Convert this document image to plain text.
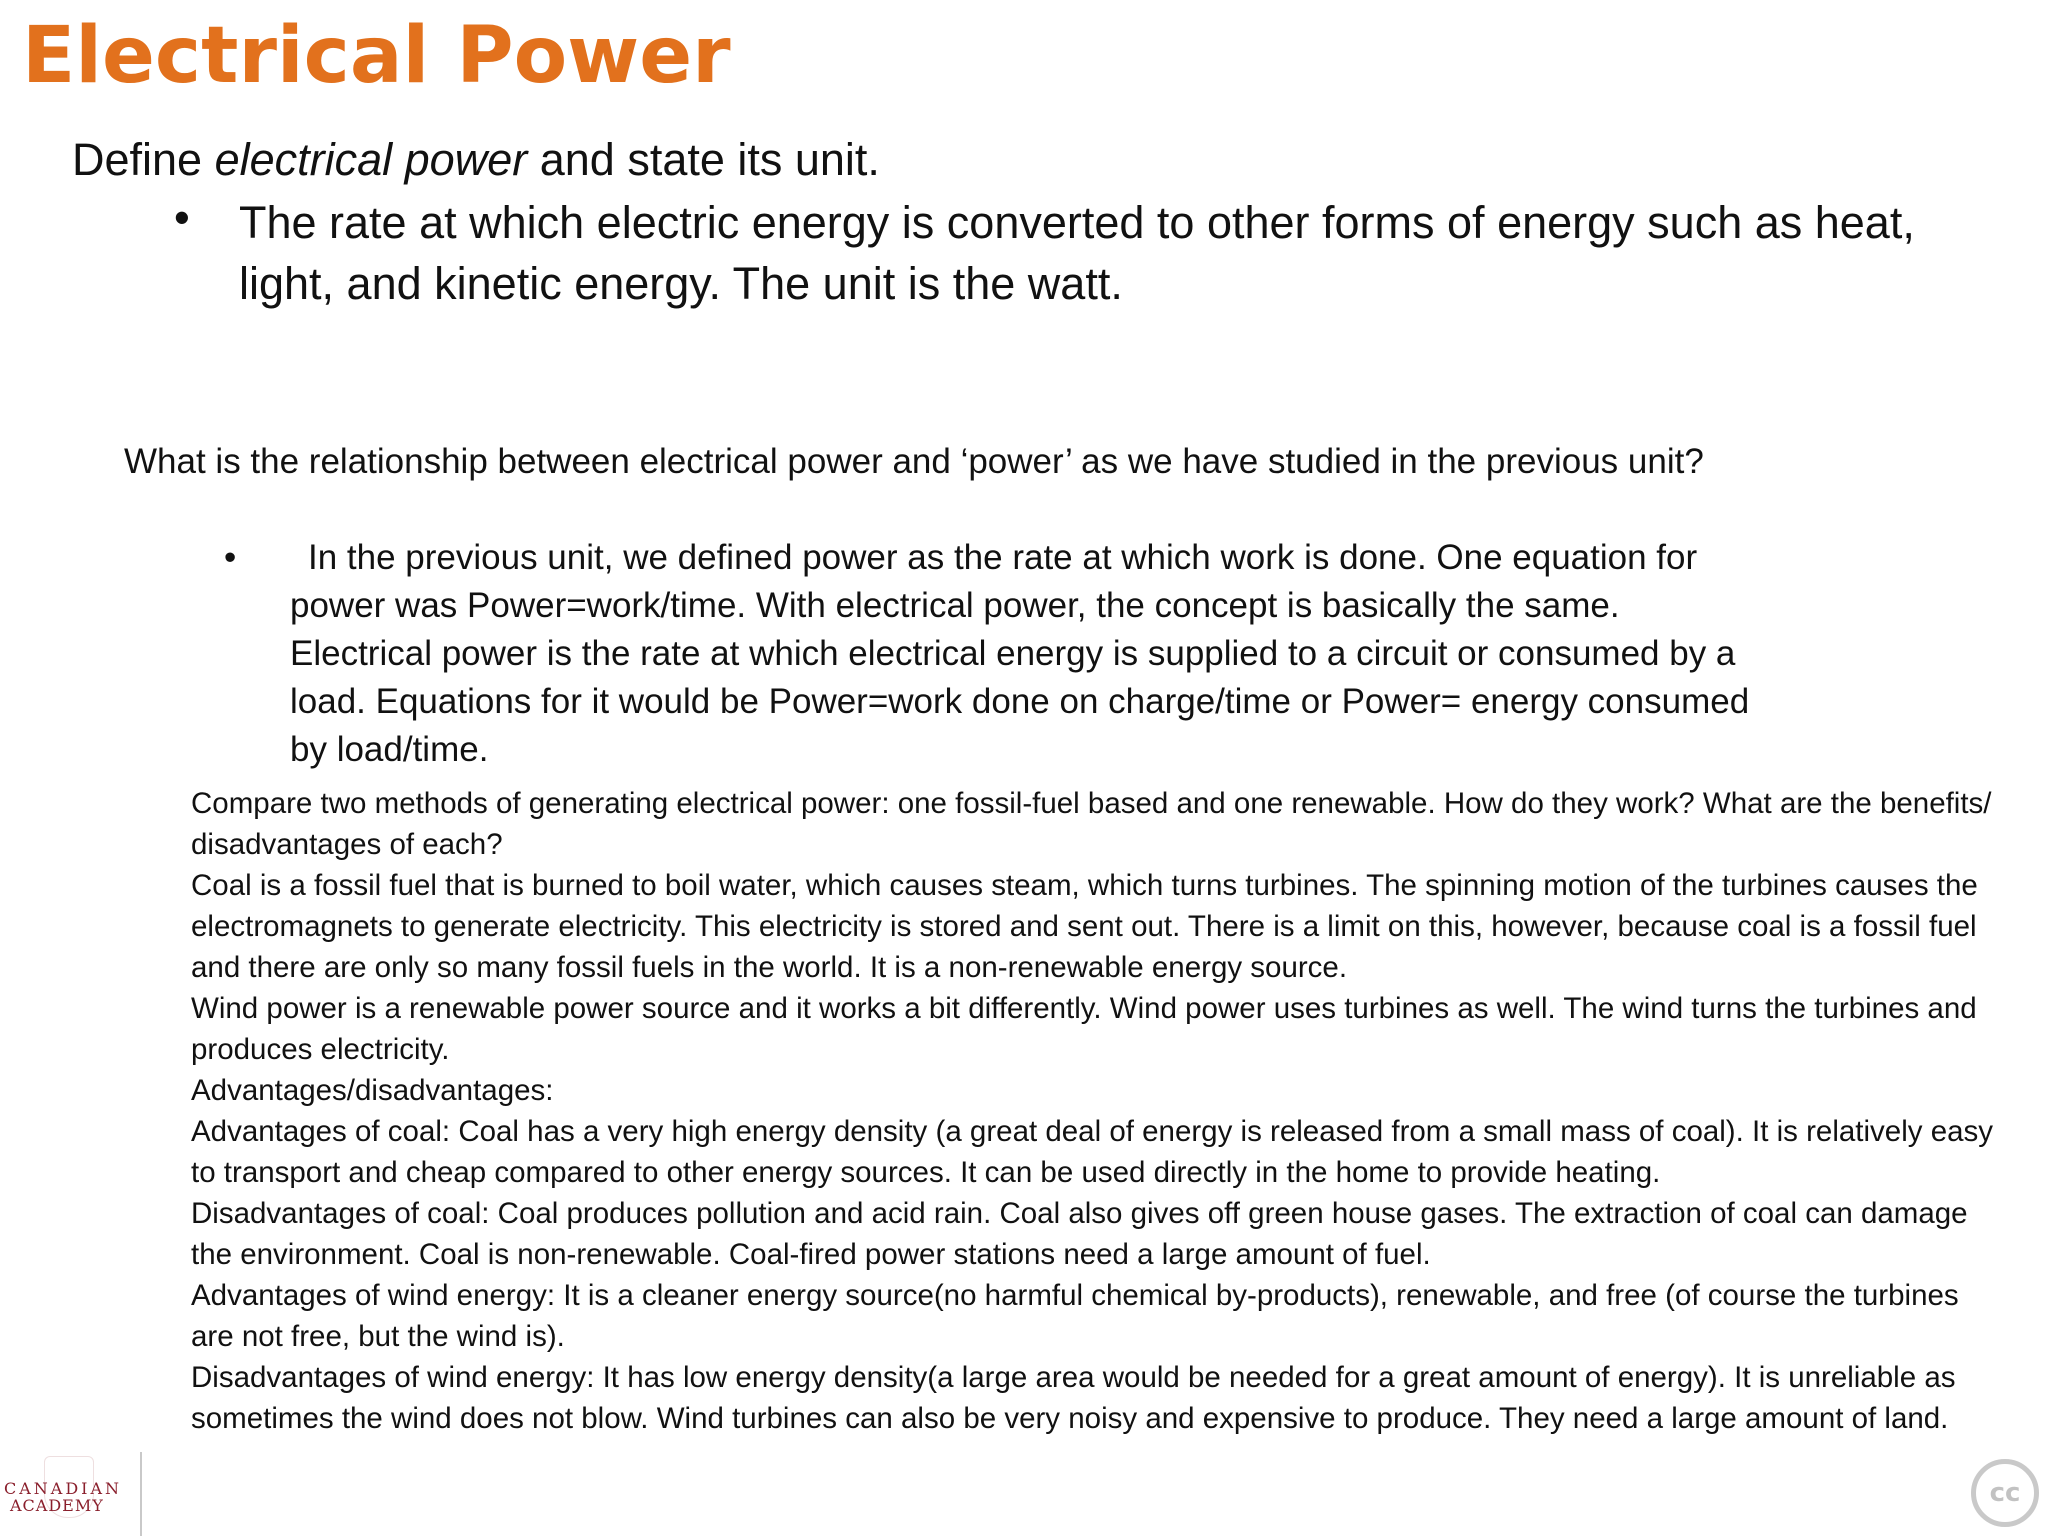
Electrical Power
Define electrical power and state its unit.
• The rate at which electric energy is converted to other forms of energy such as heat, light, and kinetic energy. The unit is the watt.
What is the relationship between electrical power and ‘power’ as we have studied in the previous unit?
•	In the previous unit, we defined power as the rate at which work is done. One equation for power was Power=work/time. With electrical power, the concept is basically the same. Electrical power is the rate at which electrical energy is supplied to a circuit or consumed by a load. Equations for it would be Power=work done on charge/time or Power= energy consumed by load/time.

Compare two methods of generating electrical power: one fossil-fuel based and one renewable. How do they work? What are the benefits/ disadvantages of each?

Coal is a fossil fuel that is burned to boil water, which causes steam, which turns turbines. The spinning motion of the turbines causes the electromagnets to generate electricity. This electricity is stored and sent out. There is a limit on this, however, because coal is a fossil fuel and there are only so many fossil fuels in the world. It is a non-renewable energy source.

Wind power is a renewable power source and it works a bit differently. Wind power uses turbines as well. The wind turns the turbines and produces electricity.

Advantages/disadvantages:

Advantages of coal: Coal has a very high energy density (a great deal of energy is released from a small mass of coal). It is relatively easy to transport and cheap compared to other energy sources. It can be used directly in the home to provide heating.

Disadvantages of coal: Coal produces pollution and acid rain. Coal also gives off green house gases. The extraction of coal can damage the environment. Coal is non-renewable. Coal-fired power stations need a large amount of fuel.

Advantages of wind energy: It is a cleaner energy source(no harmful chemical by-products), renewable, and free (of course the turbines are not free, but the wind is).

Disadvantages of wind energy: It has low energy density(a large area would be needed for a great amount of energy). It is unreliable as sometimes the wind does not blow. Wind turbines can also be very noisy and expensive to produce. They need a large amount of land.

CANADIAN
ACADEMY	cc
